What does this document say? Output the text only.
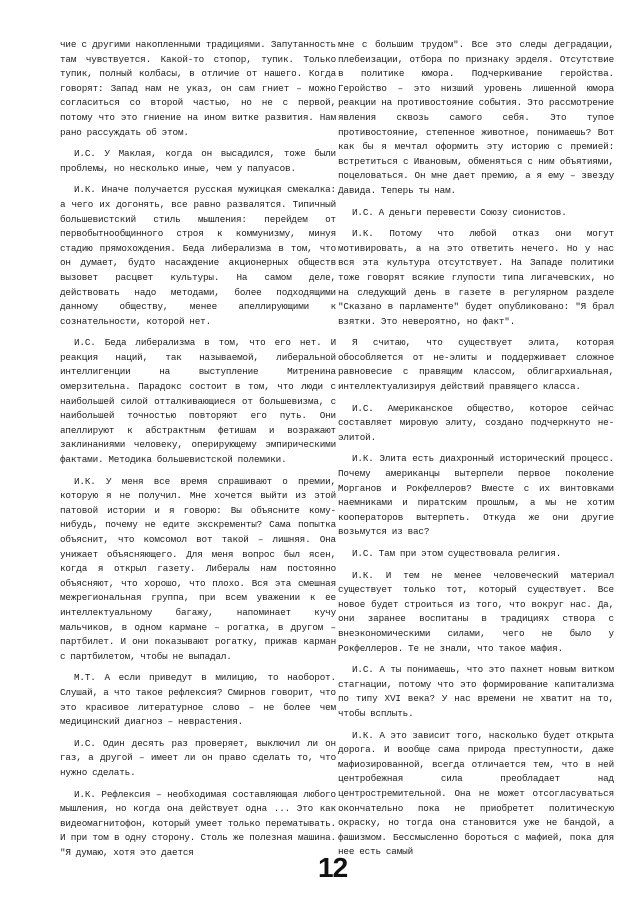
чие с другими накопленными традициями. Запутанность там чувствуется. Какой-то стопор, тупик. Только тупик, полный колбасы, в отличие от нашего. Когда говорят: Запад нам не указ, он сам гниет – можно согласиться со второй частью, но не с первой, потому что это гниение на ином витке развития. Нам рано рассуждать об этом.

И.С. У Маклая, когда он высадился, тоже были проблемы, но несколько иные, чем у папуасов.

И.К. Иначе получается русская мужицкая смекалка: а чего их догонять, все равно развалятся. Типичный большевистский стиль мышления: перейдем от первобытнообщинного строя к коммунизму, минуя стадию прямохождения. Беда либерализма в том, что он думает, будто насаждение акционерных обществ вызовет расцвет культуры. На самом деле, действовать надо методами, более подходящими данному обществу, менее апеллирующими к сознательности, которой нет.

И.С. Беда либерализма в том, что его нет. И реакция наций, так называемой, либеральной интеллигенции на выступление Митренина омерзительна. Парадокс состоит в том, что люди с наибольшей силой отталкивающиеся от большевизма, с наибольшей точностью повторяют его путь. Они апеллируют к абстрактным фетишам и возражают заклинаниями человеку, оперирующему эмпирическими фактами. Методика большевистской полемики.

И.К. У меня все время спрашивают о премии, которую я не получил. Мне хочется выйти из этой патовой истории и я говорю: Вы объясните кому-нибудь, почему не едите экскременты? Сама попытка объяснит, что комсомол вот такой – лишняя. Она унижает объясняющего. Для меня вопрос был ясен, когда я открыл газету. Либералы нам постоянно объясняют, что хорошо, что плохо. Вся эта смешная межрегиональная группа, при всем уважении к ее интеллектуальному багажу, напоминает кучу мальчиков, в одном кармане – рогатка, в другом – партбилет. И они показывают рогатку, прижав карман с партбилетом, чтобы не выпадал.

М.Т. А если приведут в милицию, то наоборот. Слушай, а что такое рефлексия? Смирнов говорит, что это красивое литературное слово – не более чем медицинский диагноз – неврастения.

И.С. Один десять раз проверяет, выключил ли он газ, а другой – имеет ли он право сделать то, что нужно сделать.

И.К. Рефлексия – необходимая составляющая любого мышления, но когда она действует одна ... Это как видеомагнитофон, который умеет только перематывать. И при том в одну сторону. Столь же полезная машина. "Я думаю, хотя это дается

мне с большим трудом". Все это следы деградации, плебеизации, отбора по признаку эрделя. Отсутствие в политике юмора. Подчеркивание геройства. Геройство – это низший уровень лишенной юмора реакции на противостояние события. Это рассмотрение явления сквозь самого себя. Это тупое противостояние, степенное животное, понимаешь? Вот как бы я мечтал оформить эту историю с премией: встретиться с Ивановым, обменяться с ним объятиями, поцеловаться. Он мне дает премию, а я ему – звезду Давида. Теперь ты нам.

И.С. А деньги перевести Союзу сионистов.

И.К. Потому что любой отказ они могут мотивировать, а на это ответить нечего. Но у нас вся эта культура отсутствует. На Западе политики тоже говорят всякие глупости типа лигачевских, но на следующий день в газете в регулярном разделе "Сказано в парламенте" будет опубликовано: "Я брал взятки. Это невероятно, но факт".

Я считаю, что существует элита, которая обособляется от не-элиты и поддерживает сложное равновесие с правящим классом, облигархиальная, интеллектуализируя действий правящего класса.

И.С. Американское общество, которое сейчас составляет мировую элиту, создано подчеркнуто не-элитой.

И.К. Элита есть диахронный исторический процесс. Почему американцы вытерпели первое поколение Морганов и Рокфеллеров? Вместе с их винтовками наемниками и пиратским прошлым, а мы не хотим кооператоров вытерпеть. Откуда же они другие возьмутся из вас?

И.С. Там при этом существовала религия.

И.К. И тем не менее человеческий материал существует только тот, который существует. Все новое будет строиться из того, что вокруг нас. Да, они заранее воспитаны в традициях створа с внеэкономическими силами, чего не было у Рокфеллеров. Те не знали, что такое мафия.

И.С. А ты понимаешь, что это пахнет новым витком стагнации, потому что это формирование капитализма по типу XVI века? У нас времени не хватит на то, чтобы всплыть.

И.К. А это зависит того, насколько будет открыта дорога. И вообще сама природа преступности, даже мафиозированной, всегда отличается тем, что в ней центробежная сила преобладает над центростремительной. Она не может отсогласуваться окончательно пока не приобретет политическую окраску, но тогда она становится уже не бандой, а фашизмом. Бессмысленно бороться с мафией, пока для нее есть самый

12
